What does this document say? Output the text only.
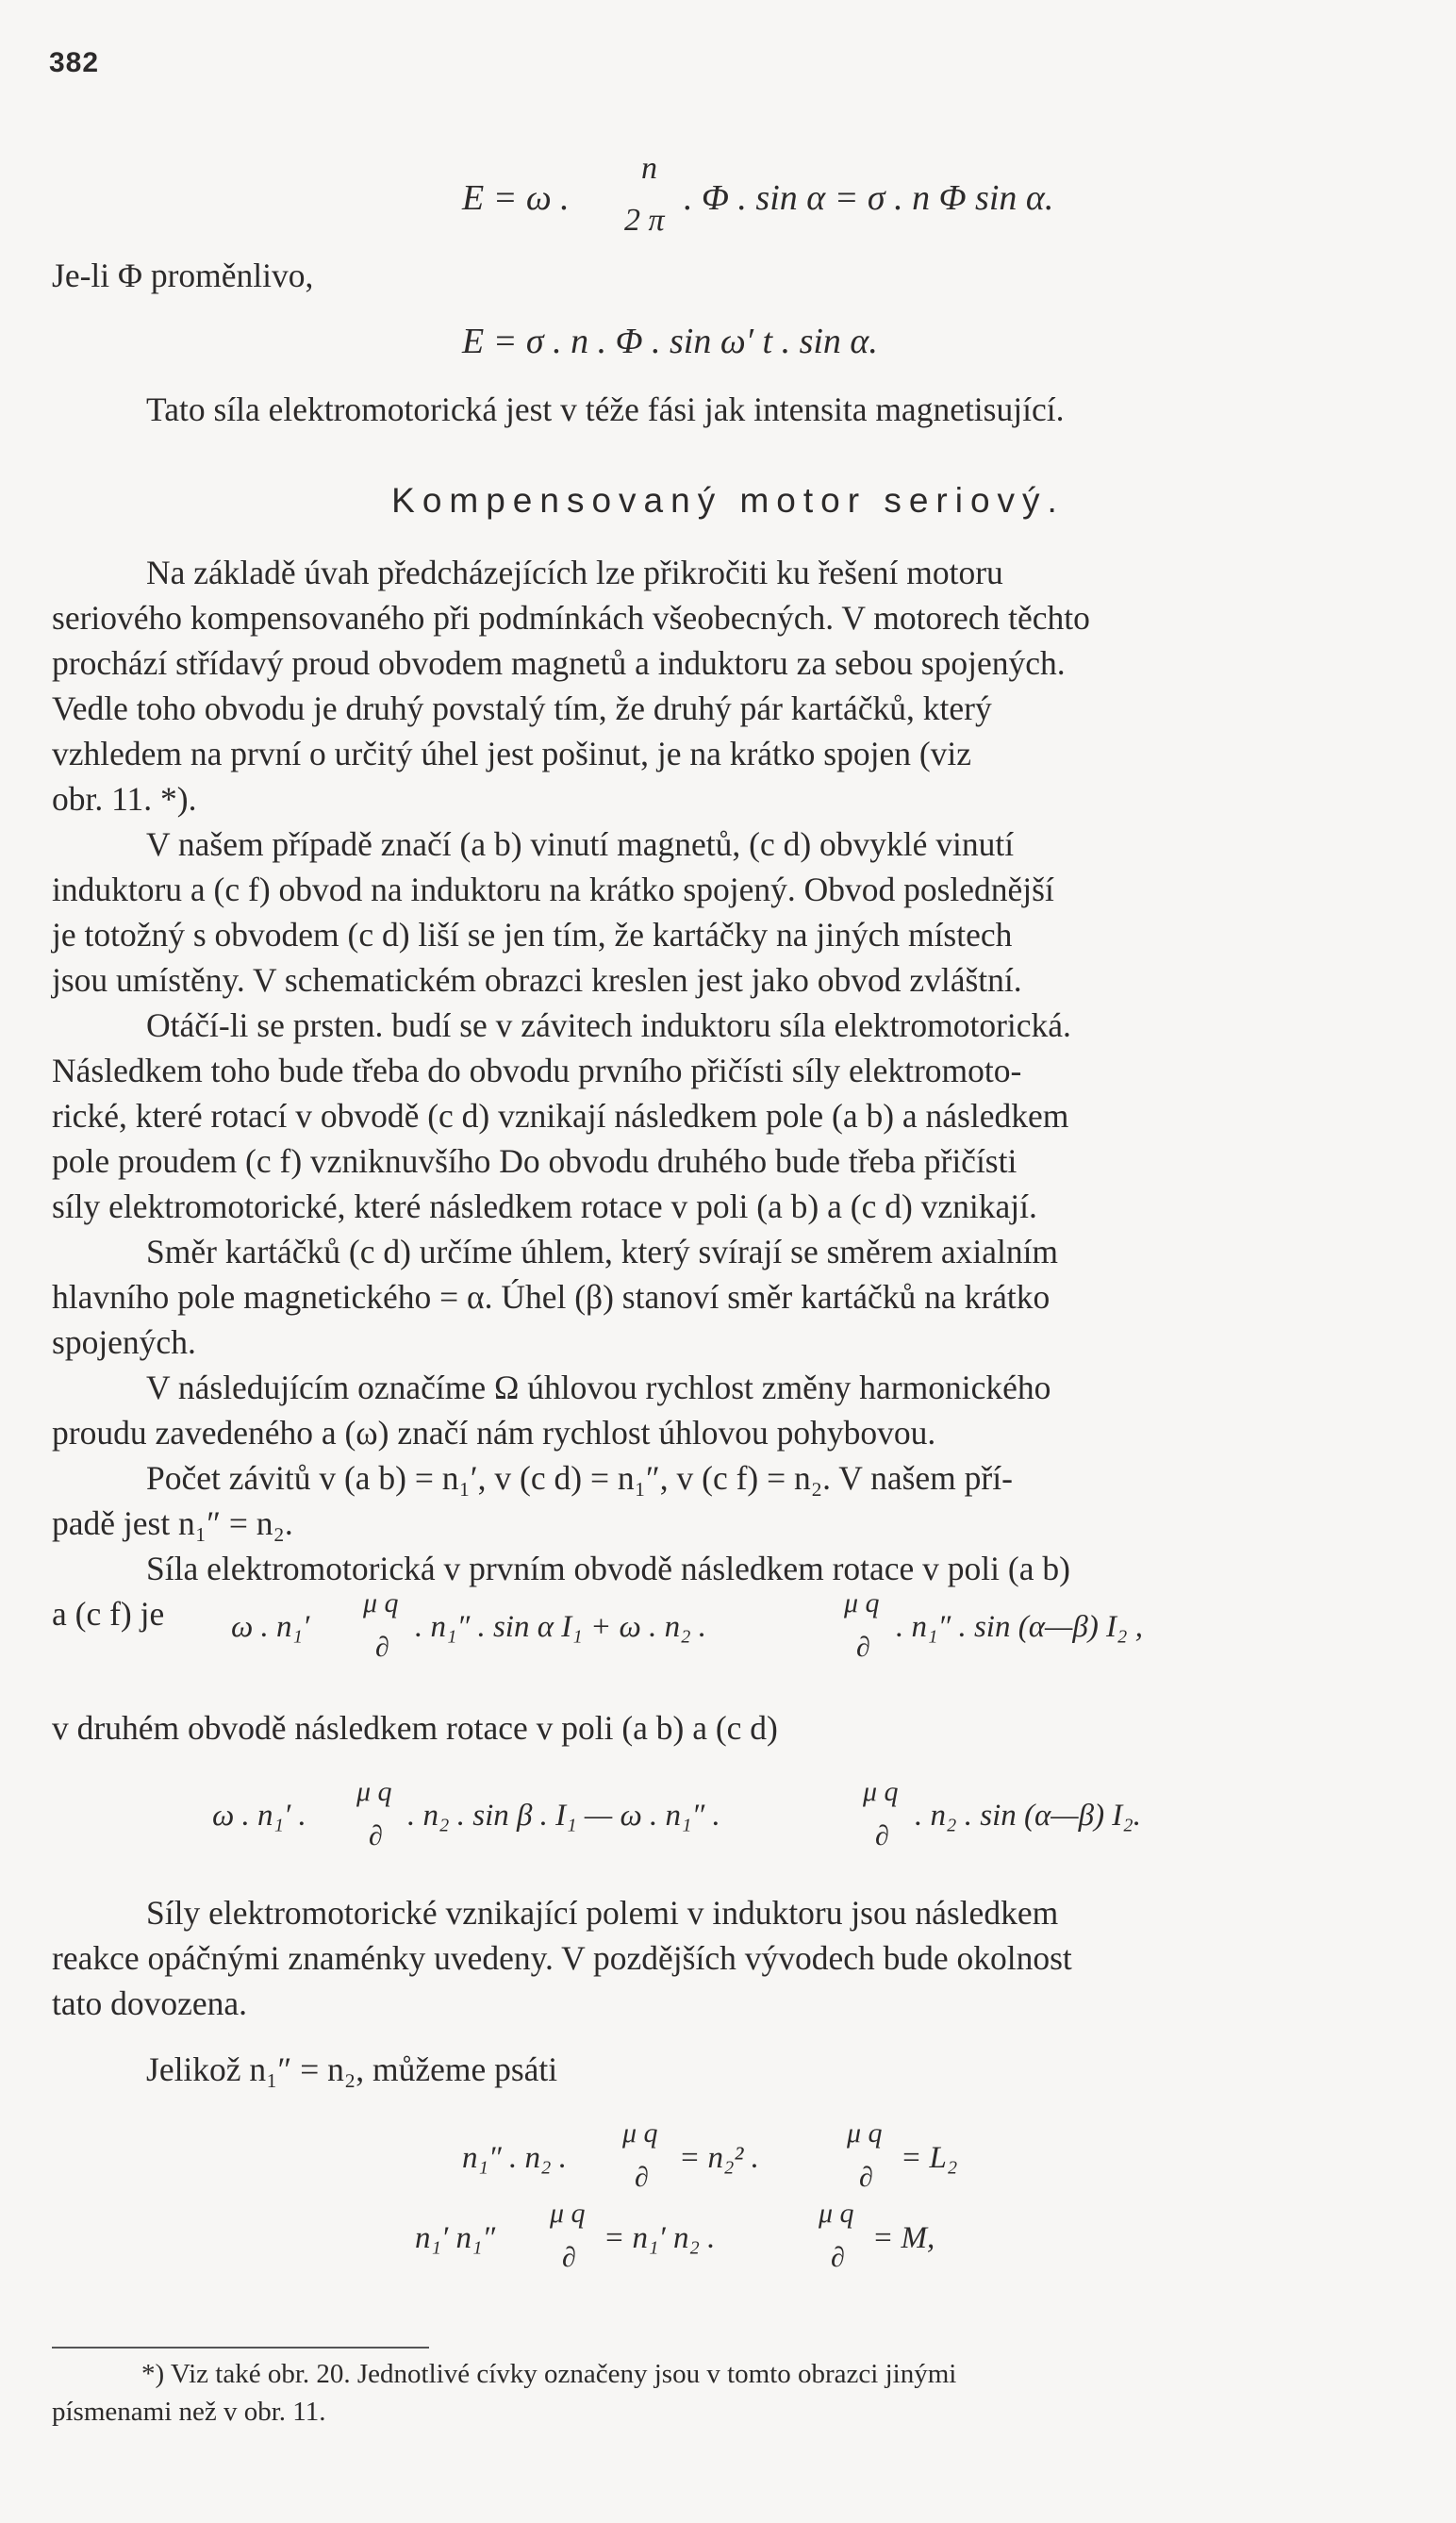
382
E = ω .
n
2 π
. Φ . sin α = σ . n Φ sin α.
Je-li Φ proměnlivo,
E = σ . n . Φ . sin ω′ t . sin α.
Tato síla elektromotorická jest v téže fási jak intensita magnetisující.
Kompensovaný motor seriový.
Na základě úvah předcházejících lze přikročiti ku řešení motoru
seriového kompensovaného při podmínkách všeobecných. V motorech těchto
prochází střídavý proud obvodem magnetů a induktoru za sebou spojených.
Vedle toho obvodu je druhý povstalý tím, že druhý pár kartáčků, který
vzhledem na první o určitý úhel jest pošinut, je na krátko spojen (viz
obr. 11. *).
V našem případě značí (a b) vinutí magnetů, (c d) obvyklé vinutí
induktoru a (c f) obvod na induktoru na krátko spojený. Obvod poslednější
je totožný s obvodem (c d) liší se jen tím, že kartáčky na jiných místech
jsou umístěny. V schematickém obrazci kreslen jest jako obvod zvláštní.
Otáčí-li se prsten. budí se v závitech induktoru síla elektromotorická.
Následkem toho bude třeba do obvodu prvního přičísti síly elektromoto-
rické, které rotací v obvodě (c d) vznikají následkem pole (a b) a následkem
pole proudem (c f) vzniknuvšího Do obvodu druhého bude třeba přičísti
síly elektromotorické, které následkem rotace v poli (a b) a (c d) vznikají.
Směr kartáčků (c d) určíme úhlem, který svírají se směrem axialním
hlavního pole magnetického = α. Úhel (β) stanoví směr kartáčků na krátko
spojených.
V následujícím označíme Ω úhlovou rychlost změny harmonického
proudu zavedeného a (ω) značí nám rychlost úhlovou pohybovou.
Počet závitů v (a b) = n₁′, v (c d) = n₁″, v (c f) = n₂. V našem pří-
padě jest n₁″ = n₂.
Síla elektromotorická v prvním obvodě následkem rotace v poli (a b)
a (c f) je	ω . n₁′
μ q
∂
. n₁″ . sin α I₁ + ω . n₂ .
μ q
∂
. n₁″ . sin (α—β) I₂ ,
v druhém obvodě následkem rotace v poli (a b) a (c d)
ω . n₁′ .
μ q
∂
. n₂ . sin β . I₁ — ω . n₁″ .
μ q
∂
. n₂ . sin (α—β) I₂.
Síly elektromotorické vznikající polemi v induktoru jsou následkem
reakce opáčnými znaménky uvedeny. V pozdějších vývodech bude okolnost
tato dovozena.
Jelikož n₁″ = n₂, můžeme psáti
n₁″ . n₂ .
μ q
∂
= n₂² .
μ q
∂
= L₂
n₁′ n₁″
μ q
∂
= n₁′ n₂ .
μ q
∂
= M,
*) Viz také obr. 20. Jednotlivé cívky označeny jsou v tomto obrazci jinými
písmenami než v obr. 11.
